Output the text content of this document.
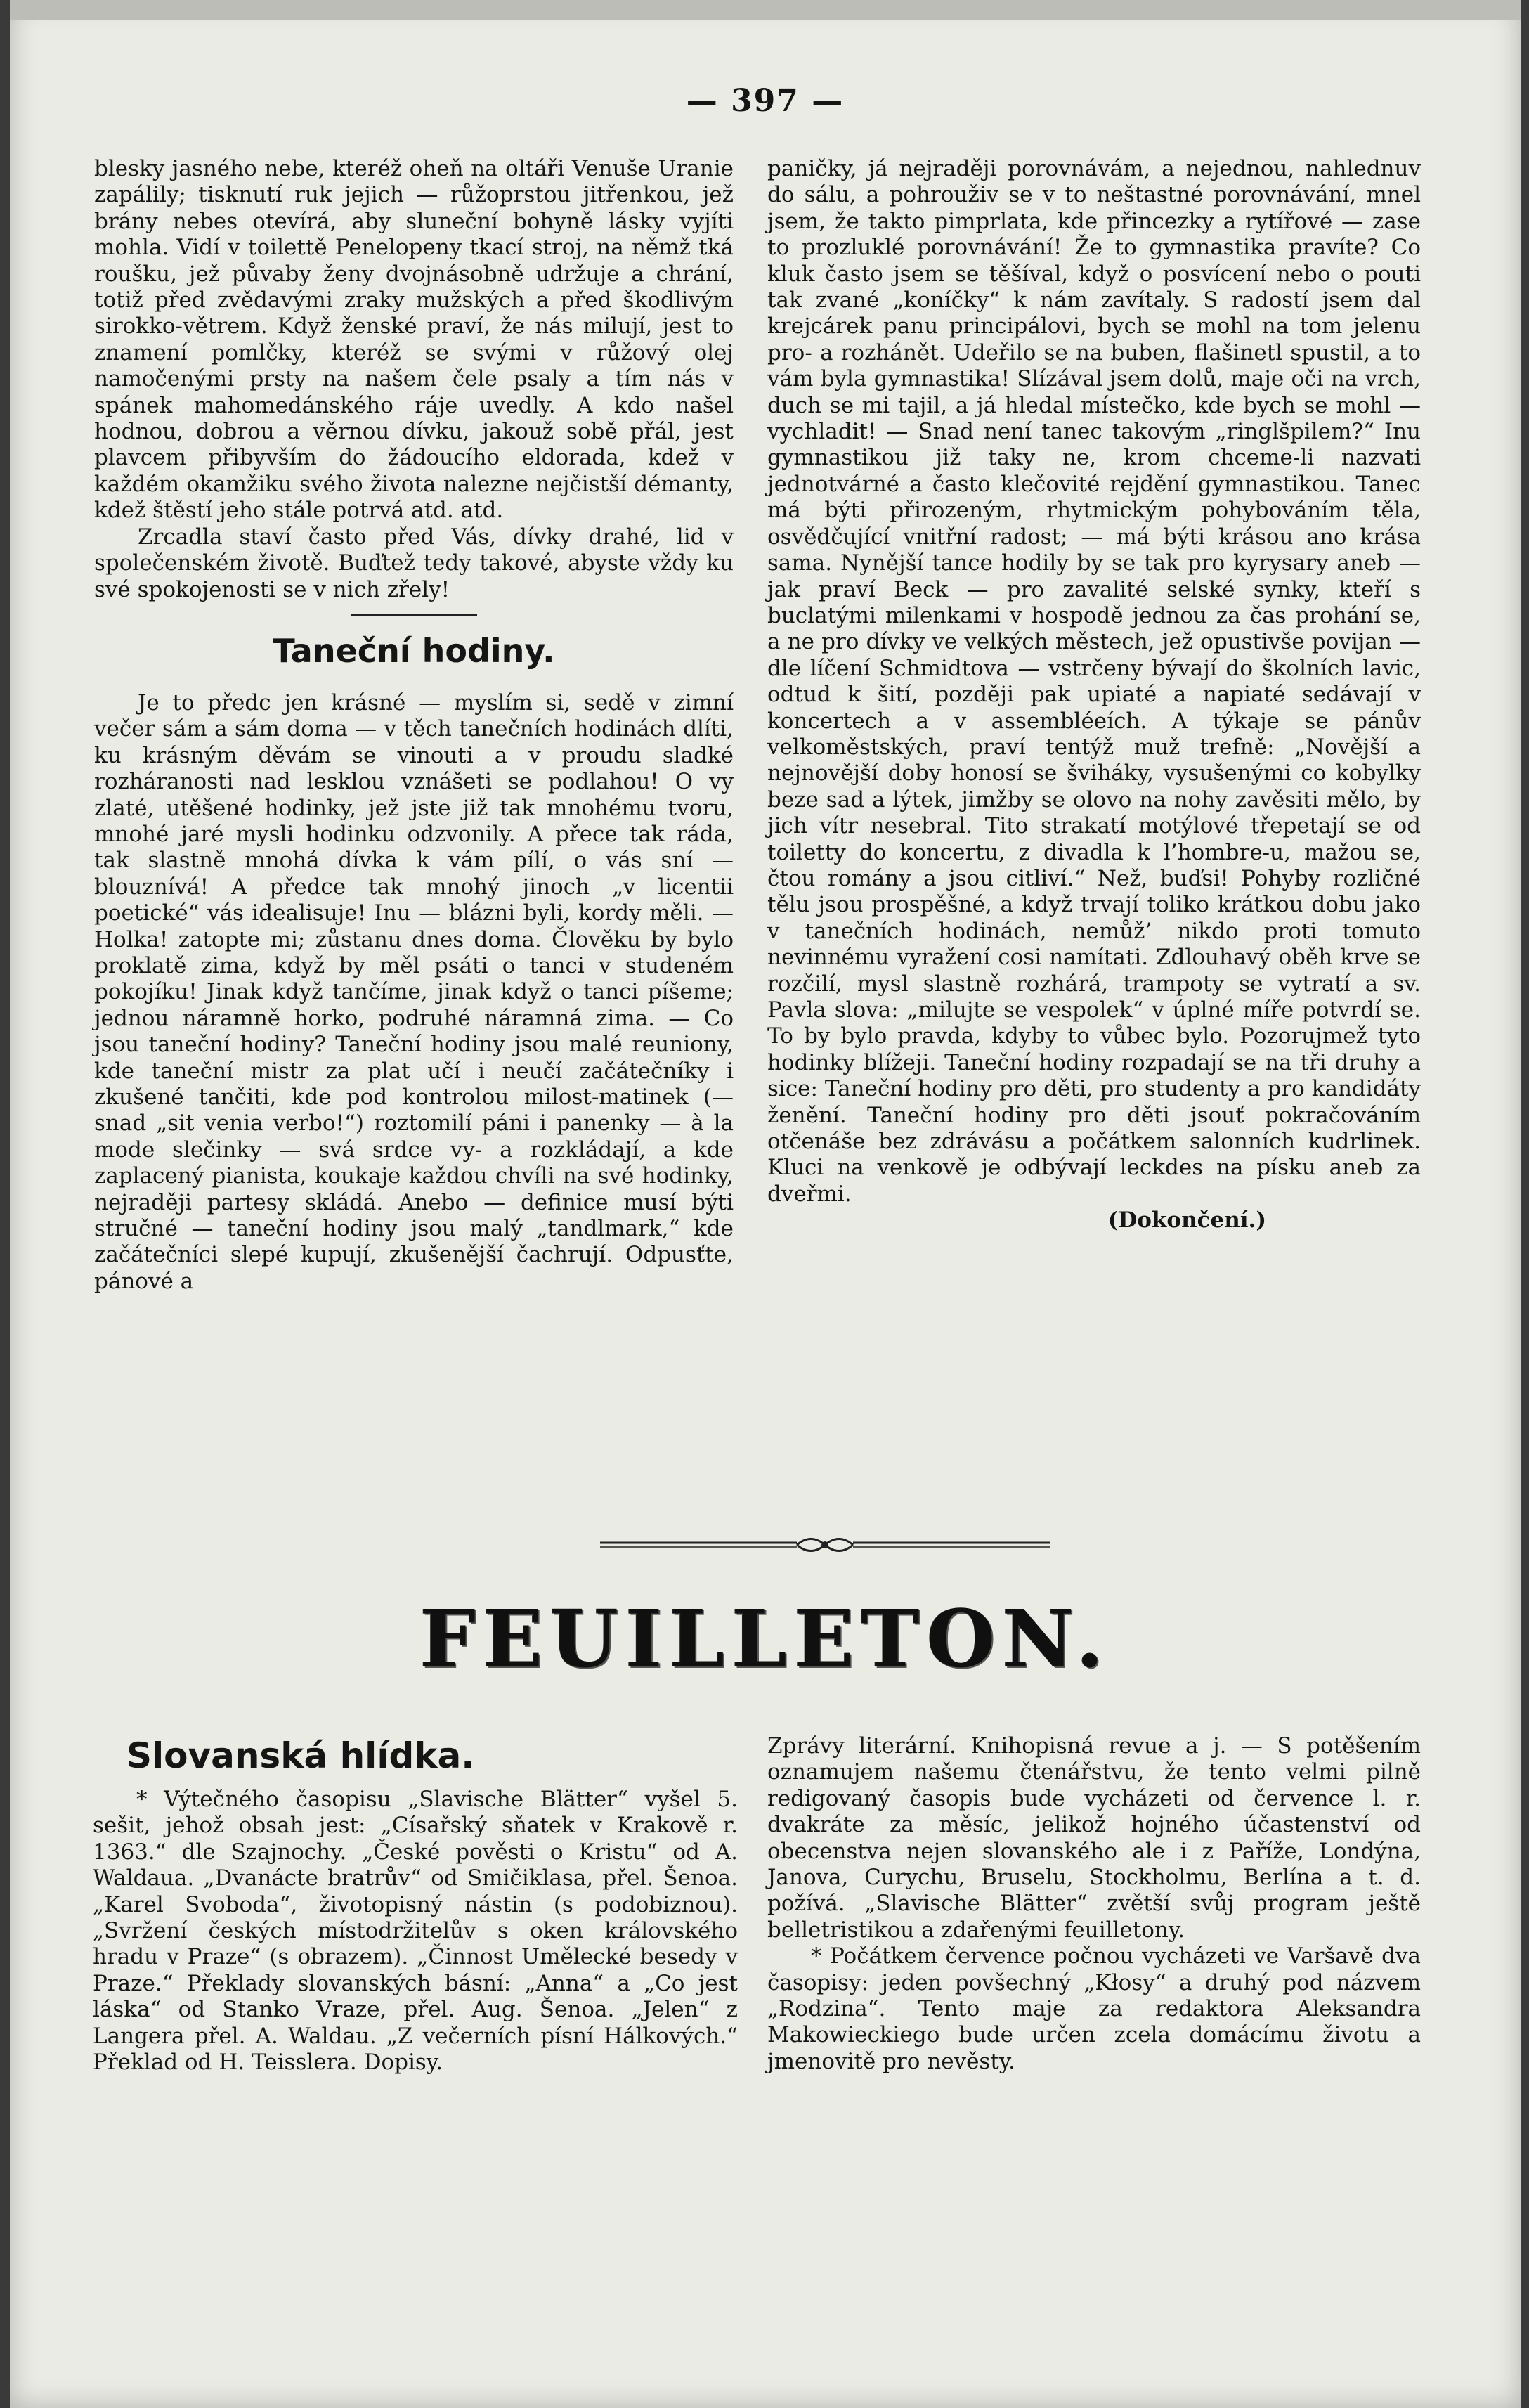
— 397 —

blesky jasného nebe, kteréž oheň na oltáři Venuše Uranie zapálily; tisknutí ruk jejich — růžoprstou jitřenkou, jež brány nebes otevírá, aby sluneční bohyně lásky vyjíti mohla. Vidí v toilettě Penelopeny tkací stroj, na němž tká roušku, jež půvaby ženy dvojnásobně udržuje a chrání, totiž před zvědavými zraky mužských a před škodlivým sirokko-větrem. Když ženské praví, že nás milují, jest to znamení pomlčky, kteréž se svými v růžový olej namočenými prsty na našem čele psaly a tím nás v spánek mahomedánského ráje uvedly. A kdo našel hodnou, dobrou a věrnou dívku, jakouž sobě přál, jest plavcem přibyvším do žádoucího eldorada, kdež v každém okamžiku svého života nalezne nejčistší démanty, kdež štěstí jeho stále potrvá atd. atd.

Zrcadla staví často před Vás, dívky drahé, lid v společenském životě. Buďtež tedy takové, abyste vždy ku své spokojenosti se v nich zřely!

Taneční hodiny.

Je to předc jen krásné — myslím si, sedě v zimní večer sám a sám doma — v těch tanečních hodinách dlíti, ku krásným děvám se vinouti a v proudu sladké rozháranosti nad lesklou vznášeti se podlahou! O vy zlaté, utěšené hodinky, jež jste již tak mnohému tvoru, mnohé jaré mysli hodinku odzvonily. A přece tak ráda, tak slastně mnohá dívka k vám pílí, o vás sní — blouznívá! A předce tak mnohý jinoch „v licentii poetické“ vás idealisuje! Inu — blázni byli, kordy měli. — Holka! zatopte mi; zůstanu dnes doma. Člověku by bylo proklatě zima, když by měl psáti o tanci v studeném pokojíku! Jinak když tančíme, jinak když o tanci píšeme; jednou náramně horko, podruhé náramná zima. — Co jsou taneční hodiny? Taneční hodiny jsou malé reuniony, kde taneční mistr za plat učí i neučí začátečníky i zkušené tančiti, kde pod kontrolou milost-matinek (— snad „sit venia verbo!“) roztomilí páni i panenky — à la mode slečinky — svá srdce vy- a rozkládají, a kde zaplacený pianista, koukaje každou chvíli na své hodinky, nejraději partesy skládá. Anebo — definice musí býti stručné — taneční hodiny jsou malý „tandlmark,“ kde začátečníci slepé kupují, zkušenější čachrují. Odpusťte, pánové a

paničky, já nejraději porovnávám, a nejednou, nahlednuv do sálu, a pohrouživ se v to neštastné porovnávání, mnel jsem, že takto pimprlata, kde přincezky a rytířové — zase to prozluklé porovnávání! Že to gymnastika pravíte? Co kluk často jsem se těšíval, když o posvícení nebo o pouti tak zvané „koníčky“ k nám zavítaly. S radostí jsem dal krejcárek panu principálovi, bych se mohl na tom jelenu pro- a rozhánět. Udeřilo se na buben, flašinetl spustil, a to vám byla gymnastika! Slízával jsem dolů, maje oči na vrch, duch se mi tajil, a já hledal místečko, kde bych se mohl — vychladit! — Snad není tanec takovým „ringlšpilem?“ Inu gymnastikou již taky ne, krom chceme-li nazvati jednotvárné a často klečovité rejdění gymnastikou. Tanec má býti přirozeným, rhytmickým pohybováním těla, osvědčující vnitřní radost; — má býti krásou ano krása sama. Nynější tance hodily by se tak pro kyrysary aneb — jak praví Beck — pro zavalité selské synky, kteří s buclatými milenkami v hospodě jednou za čas prohání se, a ne pro dívky ve velkých městech, jež opustivše povijan — dle líčení Schmidtova — vstrčeny bývají do školních lavic, odtud k šití, později pak upiaté a napiaté sedávají v koncertech a v assembléeích. A týkaje se pánův velkoměstských, praví tentýž muž trefně: „Novější a nejnovější doby honosí se šviháky, vysušenými co kobylky beze sad a lýtek, jimžby se olovo na nohy zavěsiti mělo, by jich vítr nesebral. Tito strakatí motýlové třepetají se od toiletty do koncertu, z divadla k l’hombre-u, mažou se, čtou romány a jsou citliví.“ Než, buďsi! Pohyby rozličné tělu jsou prospěšné, a když trvají toliko krátkou dobu jako v tanečních hodinách, nemůž’ nikdo proti tomuto nevinnému vyražení cosi namítati. Zdlouhavý oběh krve se rozčilí, mysl slastně rozhárá, trampoty se vytratí a sv. Pavla slova: „milujte se vespolek“ v úplné míře potvrdí se. To by bylo pravda, kdyby to vůbec bylo. Pozorujmež tyto hodinky blížeji. Taneční hodiny rozpadají se na tři druhy a sice: Taneční hodiny pro děti, pro studenty a pro kandidáty ženění. Taneční hodiny pro děti jsouť pokračováním otčenáše bez zdrávásu a počátkem salonních kudrlinek. Kluci na venkově je odbývají leckdes na písku aneb za dveřmi.

(Dokončení.)

FEUILLETON.
Slovanská hlídka.

* Výtečného časopisu „Slavische Blätter“ vyšel 5. sešit, jehož obsah jest: „Císařský sňatek v Krakově r. 1363.“ dle Szajnochy. „České pověsti o Kristu“ od A. Waldaua. „Dvanácte bratrův“ od Smičiklasa, přel. Šenoa. „Karel Svoboda“, životopisný nástin (s podobiznou). „Svržení českých místodržitelův s oken královského hradu v Praze“ (s obrazem). „Činnost Umělecké besedy v Praze.“ Překlady slovanských básní: „Anna“ a „Co jest láska“ od Stanko Vraze, přel. Aug. Šenoa. „Jelen“ z Langera přel. A. Waldau. „Z večerních písní Hálkových.“ Překlad od H. Teisslera. Dopisy.

Zprávy literární. Knihopisná revue a j. — S potěšením oznamujem našemu čtenářstvu, že tento velmi pilně redigovaný časopis bude vycházeti od července l. r. dvakráte za měsíc, jelikož hojného účastenství od obecenstva nejen slovanského ale i z Paříže, Londýna, Janova, Curychu, Bruselu, Stockholmu, Berlína a t. d. požívá. „Slavische Blätter“ zvětší svůj program ještě belletristikou a zdařenými feuilletony.

* Počátkem července počnou vycházeti ve Varšavě dva časopisy: jeden povšechný „Kłosy“ a druhý pod názvem „Rodzina“. Tento maje za redaktora Aleksandra Makowieckiego bude určen zcela domácímu životu a jmenovitě pro nevěsty.
